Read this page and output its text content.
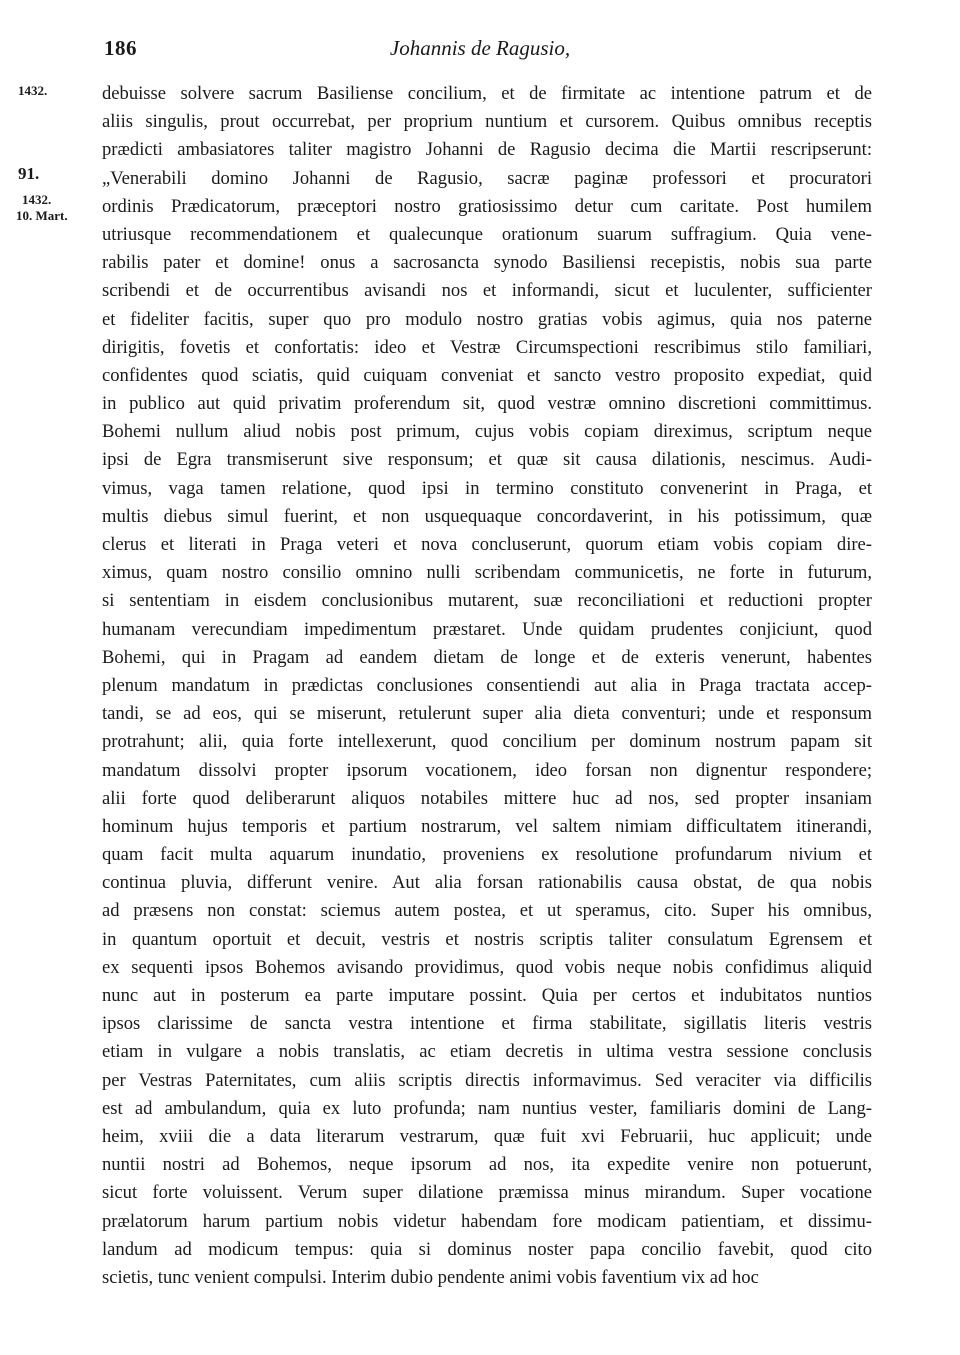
186	Johannis de Ragusio,
1432.
91.
1432.
10. Mart.
debuisse solvere sacrum Basiliense concilium, et de firmitate ac intentione patrum et de
aliis singulis, prout occurrebat, per proprium nuntium et cursorem. Quibus omnibus receptis
prædicti ambasiatores taliter magistro Johanni de Ragusio decima die Martii rescripserunt:
„Venerabili domino Johanni de Ragusio, sacræ paginæ professori et procuratori
ordinis Prædicatorum, præceptori nostro gratiosissimo detur cum caritate. Post humilem
utriusque recommendationem et qualecunque orationum suarum suffragium. Quia vene-
rabilis pater et domine! onus a sacrosancta synodo Basiliensi recepistis, nobis sua parte
scribendi et de occurrentibus avisandi nos et informandi, sicut et luculenter, sufficienter
et fideliter facitis, super quo pro modulo nostro gratias vobis agimus, quia nos paterne
dirigitis, fovetis et confortatis: ideo et Vestræ Circumspectioni rescribimus stilo familiari,
confidentes quod sciatis, quid cuiquam conveniat et sancto vestro proposito expediat, quid
in publico aut quid privatim proferendum sit, quod vestræ omnino discretioni committimus.
Bohemi nullum aliud nobis post primum, cujus vobis copiam direximus, scriptum neque
ipsi de Egra transmiserunt sive responsum; et quæ sit causa dilationis, nescimus. Audi-
vimus, vaga tamen relatione, quod ipsi in termino constituto convenerint in Praga, et
multis diebus simul fuerint, et non usquequaque concordaverint, in his potissimum, quæ
clerus et literati in Praga veteri et nova concluserunt, quorum etiam vobis copiam dire-
ximus, quam nostro consilio omnino nulli scribendam communicetis, ne forte in futurum,
si sententiam in eisdem conclusionibus mutarent, suæ reconciliationi et reductioni propter
humanam verecundiam impedimentum præstaret. Unde quidam prudentes conjiciunt, quod
Bohemi, qui in Pragam ad eandem dietam de longe et de exteris venerunt, habentes
plenum mandatum in prædictas conclusiones consentiendi aut alia in Praga tractata accep-
tandi, se ad eos, qui se miserunt, retulerunt super alia dieta conventuri; unde et responsum
protrahunt; alii, quia forte intellexerunt, quod concilium per dominum nostrum papam sit
mandatum dissolvi propter ipsorum vocationem, ideo forsan non dignentur respondere;
alii forte quod deliberarunt aliquos notabiles mittere huc ad nos, sed propter insaniam
hominum hujus temporis et partium nostrarum, vel saltem nimiam difficultatem itinerandi,
quam facit multa aquarum inundatio, proveniens ex resolutione profundarum nivium et
continua pluvia, differunt venire. Aut alia forsan rationabilis causa obstat, de qua nobis
ad præsens non constat: sciemus autem postea, et ut speramus, cito. Super his omnibus,
in quantum oportuit et decuit, vestris et nostris scriptis taliter consulatum Egrensem et
ex sequenti ipsos Bohemos avisando providimus, quod vobis neque nobis confidimus aliquid
nunc aut in posterum ea parte imputare possint. Quia per certos et indubitatos nuntios
ipsos clarissime de sancta vestra intentione et firma stabilitate, sigillatis literis vestris
etiam in vulgare a nobis translatis, ac etiam decretis in ultima vestra sessione conclusis
per Vestras Paternitates, cum aliis scriptis directis informavimus. Sed veraciter via difficilis
est ad ambulandum, quia ex luto profunda; nam nuntius vester, familiaris domini de Lang-
heim, xviii die a data literarum vestrarum, quæ fuit xvi Februarii, huc applicuit; unde
nuntii nostri ad Bohemos, neque ipsorum ad nos, ita expedite venire non potuerunt,
sicut forte voluissent. Verum super dilatione præmissa minus mirandum. Super vocatione
prælatorum harum partium nobis videtur habendam fore modicam patientiam, et dissimu-
landum ad modicum tempus: quia si dominus noster papa concilio favebit, quod cito
scietis, tunc venient compulsi. Interim dubio pendente animi vobis faventium vix ad hoc
